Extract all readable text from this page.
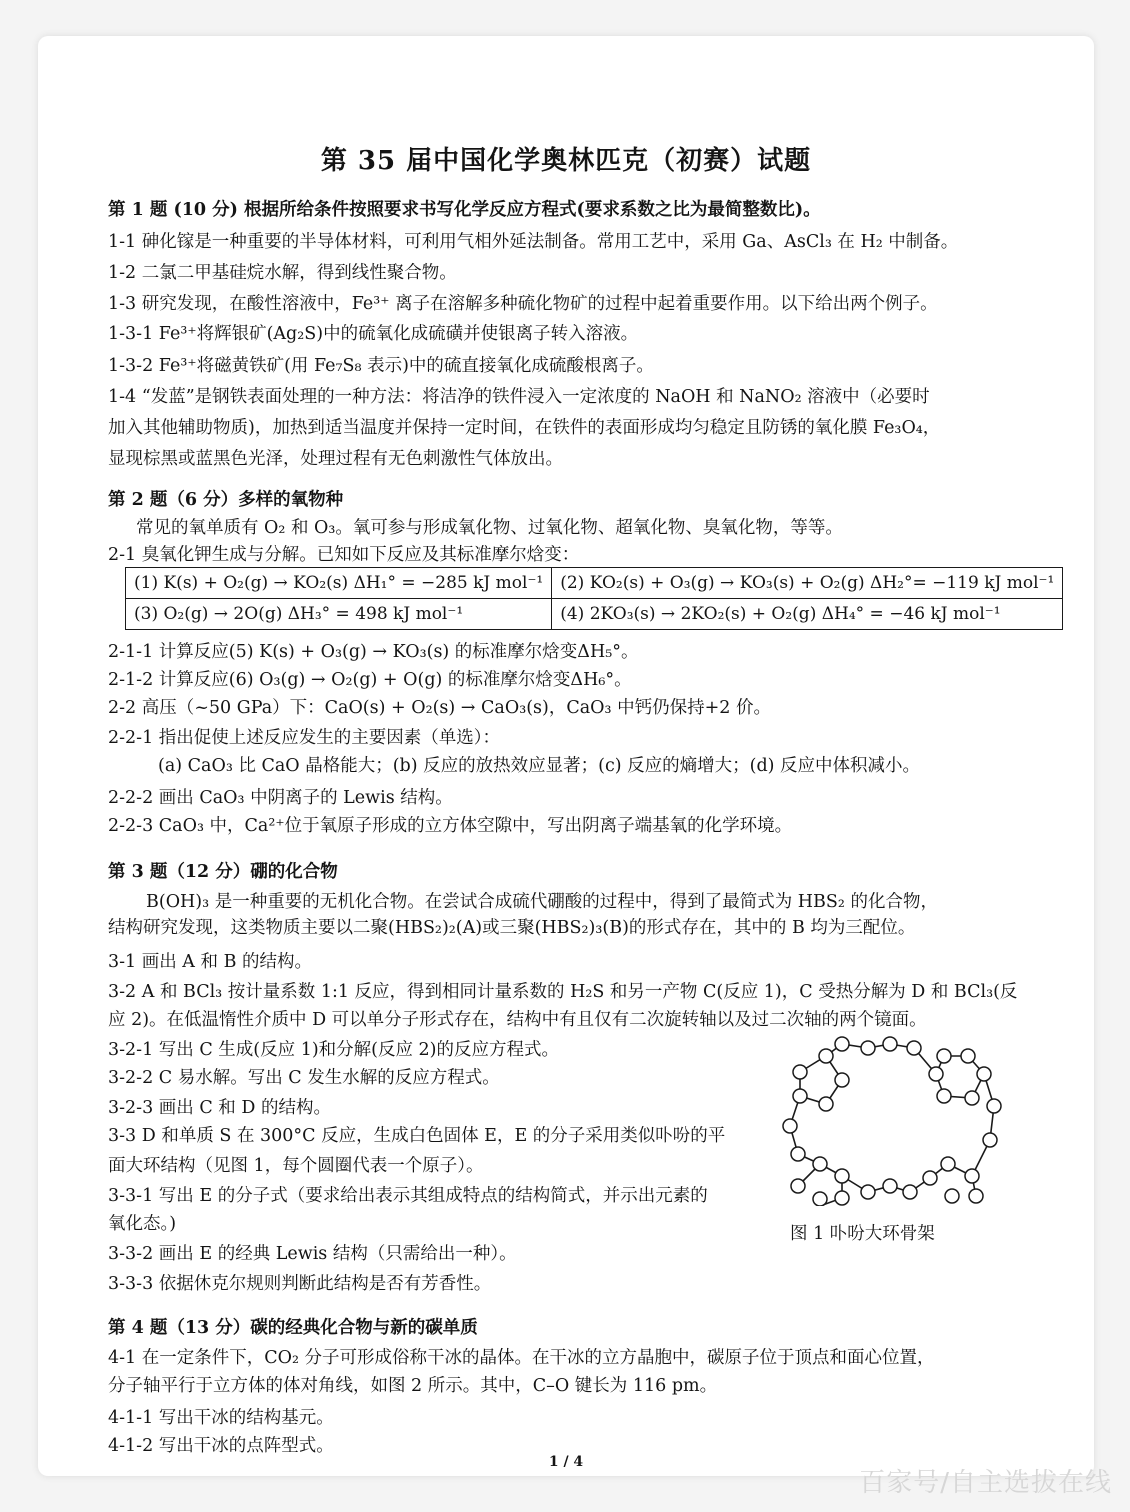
第 35 届中国化学奥林匹克（初赛）试题
第 1 题 (10 分) 根据所给条件按照要求书写化学反应方程式(要求系数之比为最简整数比)。
1-1 砷化镓是一种重要的半导体材料，可利用气相外延法制备。常用工艺中，采用 Ga、AsCl₃ 在 H₂ 中制备。
1-2 二氯二甲基硅烷水解，得到线性聚合物。
1-3 研究发现，在酸性溶液中，Fe³⁺ 离子在溶解多种硫化物矿的过程中起着重要作用。以下给出两个例子。
1-3-1 Fe³⁺将辉银矿(Ag₂S)中的硫氧化成硫磺并使银离子转入溶液。
1-3-2 Fe³⁺将磁黄铁矿(用 Fe₇S₈ 表示)中的硫直接氧化成硫酸根离子。
1-4 “发蓝”是钢铁表面处理的一种方法：将洁净的铁件浸入一定浓度的 NaOH 和 NaNO₂ 溶液中（必要时
加入其他辅助物质)，加热到适当温度并保持一定时间，在铁件的表面形成均匀稳定且防锈的氧化膜 Fe₃O₄，
显现棕黑或蓝黑色光泽，处理过程有无色刺激性气体放出。
第 2 题（6 分）多样的氧物种
常见的氧单质有 O₂ 和 O₃。氧可参与形成氧化物、过氧化物、超氧化物、臭氧化物，等等。
2-1 臭氧化钾生成与分解。已知如下反应及其标准摩尔焓变：
(1) K(s) + O₂(g) → KO₂(s) ΔH₁° = −285 kJ mol⁻¹	(2) KO₂(s) + O₃(g) → KO₃(s) + O₂(g) ΔH₂°= −119 kJ mol⁻¹
(3) O₂(g) → 2O(g) ΔH₃° = 498 kJ mol⁻¹	(4) 2KO₃(s) → 2KO₂(s) + O₂(g) ΔH₄° = −46 kJ mol⁻¹
2-1-1 计算反应(5) K(s) + O₃(g) → KO₃(s) 的标准摩尔焓变ΔH₅°。
2-1-2 计算反应(6) O₃(g) → O₂(g) + O(g) 的标准摩尔焓变ΔH₆°。
2-2 高压（~50 GPa）下：CaO(s) + O₂(s) → CaO₃(s)，CaO₃ 中钙仍保持+2 价。
2-2-1 指出促使上述反应发生的主要因素（单选）：
(a) CaO₃ 比 CaO 晶格能大；(b) 反应的放热效应显著；(c) 反应的熵增大；(d) 反应中体积减小。
2-2-2 画出 CaO₃ 中阴离子的 Lewis 结构。
2-2-3 CaO₃ 中，Ca²⁺位于氧原子形成的立方体空隙中，写出阴离子端基氧的化学环境。
第 3 题（12 分）硼的化合物
B(OH)₃ 是一种重要的无机化合物。在尝试合成硫代硼酸的过程中，得到了最简式为 HBS₂ 的化合物，
结构研究发现，这类物质主要以二聚(HBS₂)₂(A)或三聚(HBS₂)₃(B)的形式存在，其中的 B 均为三配位。
3-1 画出 A 和 B 的结构。
3-2 A 和 BCl₃ 按计量系数 1:1 反应，得到相同计量系数的 H₂S 和另一产物 C(反应 1)，C 受热分解为 D 和 BCl₃(反
应 2)。在低温惰性介质中 D 可以单分子形式存在，结构中有且仅有二次旋转轴以及过二次轴的两个镜面。
3-2-1 写出 C 生成(反应 1)和分解(反应 2)的反应方程式。
3-2-2 C 易水解。写出 C 发生水解的反应方程式。
3-2-3 画出 C 和 D 的结构。
3-3 D 和单质 S 在 300°C 反应，生成白色固体 E，E 的分子采用类似卟吩的平
面大环结构（见图 1，每个圆圈代表一个原子）。
3-3-1 写出 E 的分子式（要求给出表示其组成特点的结构简式，并示出元素的
氧化态。)
3-3-2 画出 E 的经典 Lewis 结构（只需给出一种）。
3-3-3 依据休克尔规则判断此结构是否有芳香性。
图 1 卟吩大环骨架
第 4 题（13 分）碳的经典化合物与新的碳单质
4-1 在一定条件下，CO₂ 分子可形成俗称干冰的晶体。在干冰的立方晶胞中，碳原子位于顶点和面心位置，
分子轴平行于立方体的体对角线，如图 2 所示。其中，C–O 键长为 116 pm。
4-1-1 写出干冰的结构基元。
4-1-2 写出干冰的点阵型式。
1 / 4
百家号/自主选拔在线
